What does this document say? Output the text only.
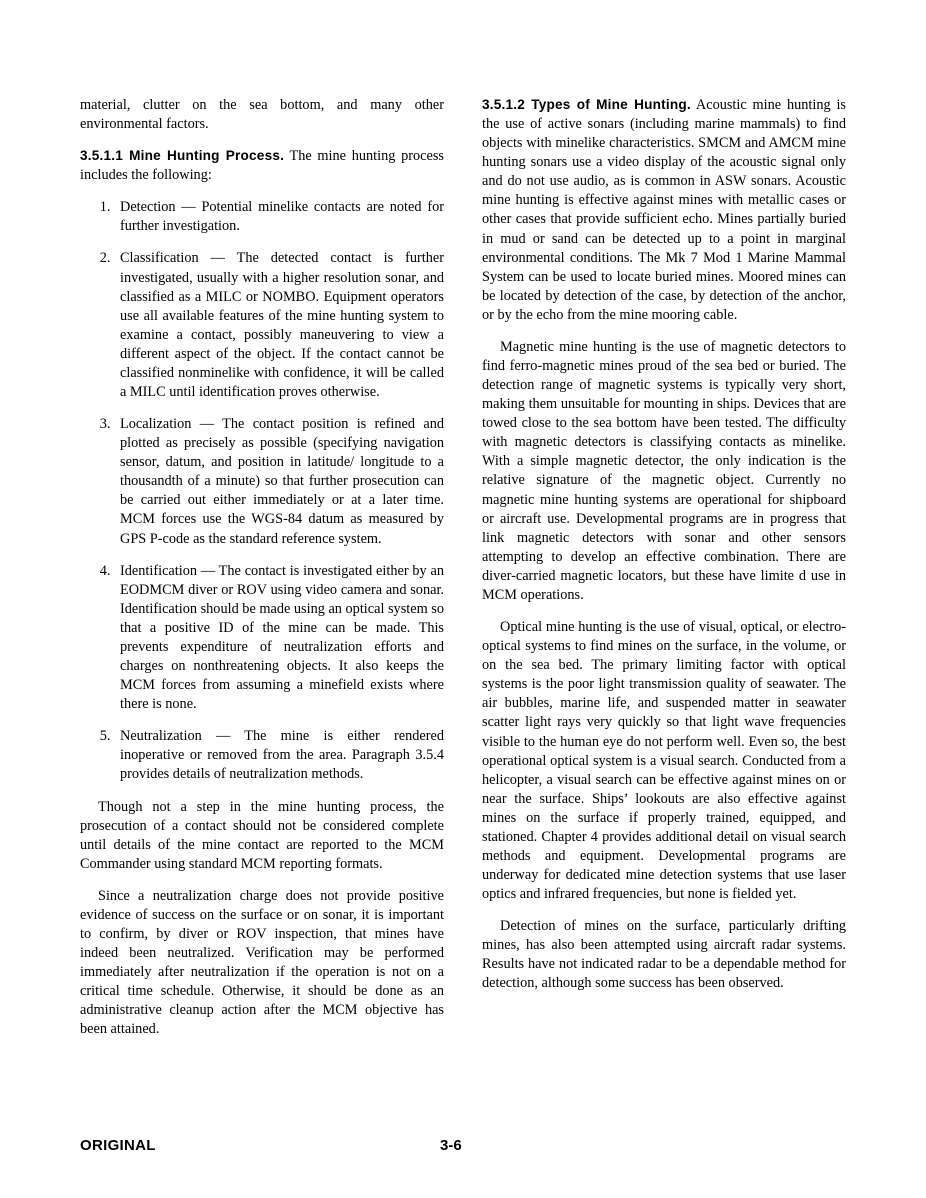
material, clutter on the sea bottom, and many other environmental factors.

3.5.1.1 Mine Hunting Process. The mine hunting process includes the following:

1. Detection — Potential minelike contacts are noted for further investigation.
2. Classification — The detected contact is further investigated, usually with a higher resolution sonar, and classified as a MILC or NOMBO. Equipment operators use all available features of the mine hunting system to examine a contact, possibly maneuvering to view a different aspect of the object. If the contact cannot be classified nonminelike with confidence, it will be called a MILC until identification proves otherwise.
3. Localization — The contact position is refined and plotted as precisely as possible (specifying navigation sensor, datum, and position in latitude/ longitude to a thousandth of a minute) so that further prosecution can be carried out either immediately or at a later time. MCM forces use the WGS-84 datum as measured by GPS P-code as the standard reference system.
4. Identification — The contact is investigated either by an EODMCM diver or ROV using video camera and sonar. Identification should be made using an optical system so that a positive ID of the mine can be made. This prevents expenditure of neutralization efforts and charges on nonthreatening objects. It also keeps the MCM forces from assuming a minefield exists where there is none.
5. Neutralization — The mine is either rendered inoperative or removed from the area. Paragraph 3.5.4 provides details of neutralization methods.

Though not a step in the mine hunting process, the prosecution of a contact should not be considered complete until details of the mine contact are reported to the MCM Commander using standard MCM reporting formats.

Since a neutralization charge does not provide positive evidence of success on the surface or on sonar, it is important to confirm, by diver or ROV inspection, that mines have indeed been neutralized. Verification may be performed immediately after neutralization if the operation is not on a critical time schedule. Otherwise, it should be done as an administrative cleanup action after the MCM objective has been attained.

3.5.1.2 Types of Mine Hunting. Acoustic mine hunting is the use of active sonars (including marine mammals) to find objects with minelike characteristics. SMCM and AMCM mine hunting sonars use a video display of the acoustic signal only and do not use audio, as is common in ASW sonars. Acoustic mine hunting is effective against mines with metallic cases or other cases that provide sufficient echo. Mines partially buried in mud or sand can be detected up to a point in marginal environmental conditions. The Mk 7 Mod 1 Marine Mammal System can be used to locate buried mines. Moored mines can be located by detection of the case, by detection of the anchor, or by the echo from the mine mooring cable.

Magnetic mine hunting is the use of magnetic detectors to find ferro-magnetic mines proud of the sea bed or buried. The detection range of magnetic systems is typically very short, making them unsuitable for mounting in ships. Devices that are towed close to the sea bottom have been tested. The difficulty with magnetic detectors is classifying contacts as minelike. With a simple magnetic detector, the only indication is the relative signature of the magnetic object. Currently no magnetic mine hunting systems are operational for shipboard or aircraft use. Developmental programs are in progress that link magnetic detectors with sonar and other sensors attempting to develop an effective combination. There are diver-carried magnetic locators, but these have limite d use in MCM operations.

Optical mine hunting is the use of visual, optical, or electro-optical systems to find mines on the surface, in the volume, or on the sea bed. The primary limiting factor with optical systems is the poor light transmission quality of seawater. The air bubbles, marine life, and suspended matter in seawater scatter light rays very quickly so that light wave frequencies visible to the human eye do not perform well. Even so, the best operational optical system is a visual search. Conducted from a helicopter, a visual search can be effective against mines on or near the surface. Ships’ lookouts are also effective against mines on the surface if properly trained, equipped, and stationed. Chapter 4 provides additional detail on visual search methods and equipment. Developmental programs are underway for dedicated mine detection systems that use laser optics and infrared frequencies, but none is fielded yet.

Detection of mines on the surface, particularly drifting mines, has also been attempted using aircraft radar systems. Results have not indicated radar to be a dependable method for detection, although some success has been observed.

ORIGINAL	3-6
